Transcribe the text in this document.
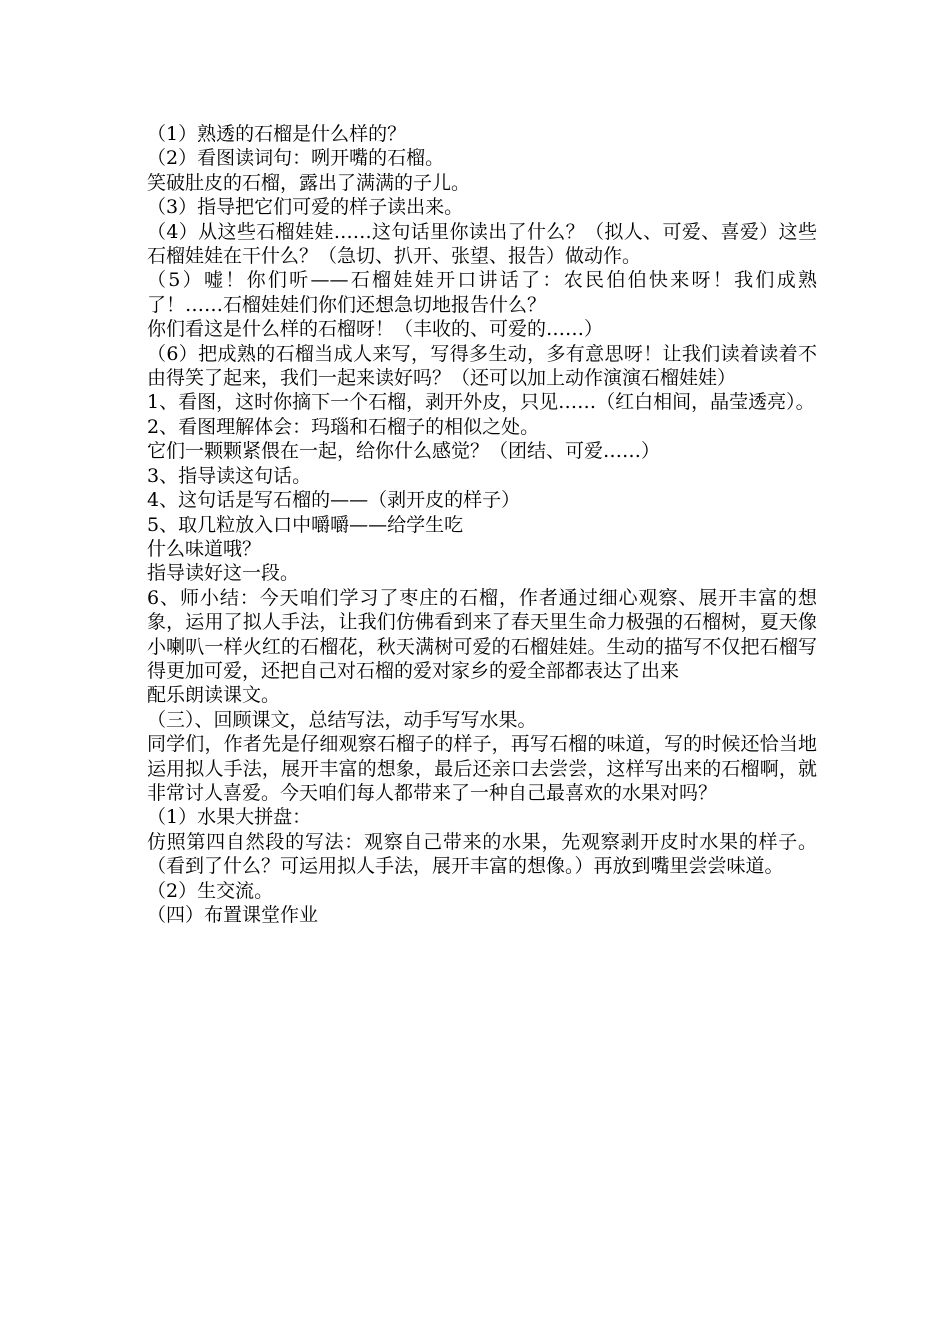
（1）熟透的石榴是什么样的？

（2）看图读词句：咧开嘴的石榴。

笑破肚皮的石榴，露出了满满的子儿。

（3）指导把它们可爱的样子读出来。

（4）从这些石榴娃娃……这句话里你读出了什么？（拟人、可爱、喜爱）这些石榴娃娃在干什么？（急切、扒开、张望、报告）做动作。

（5）嘘！你们听——石榴娃娃开口讲话了：农民伯伯快来呀！我们成熟了！……石榴娃娃们你们还想急切地报告什么？

你们看这是什么样的石榴呀！（丰收的、可爱的……）

（6）把成熟的石榴当成人来写，写得多生动，多有意思呀！让我们读着读着不由得笑了起来，我们一起来读好吗？（还可以加上动作演演石榴娃娃）

1、看图，这时你摘下一个石榴，剥开外皮，只见……（红白相间，晶莹透亮）。

2、看图理解体会：玛瑙和石榴子的相似之处。

它们一颗颗紧偎在一起，给你什么感觉？（团结、可爱……）

3、指导读这句话。

4、这句话是写石榴的——（剥开皮的样子）

5、取几粒放入口中嚼嚼——给学生吃

什么味道哦？

指导读好这一段。

6、师小结：今天咱们学习了枣庄的石榴，作者通过细心观察、展开丰富的想象，运用了拟人手法，让我们仿佛看到来了春天里生命力极强的石榴树，夏天像小喇叭一样火红的石榴花，秋天满树可爱的石榴娃娃。生动的描写不仅把石榴写得更加可爱，还把自己对石榴的爱对家乡的爱全部都表达了出来

配乐朗读课文。

（三）、回顾课文，总结写法，动手写写水果。

同学们，作者先是仔细观察石榴子的样子，再写石榴的味道，写的时候还恰当地运用拟人手法，展开丰富的想象，最后还亲口去尝尝，这样写出来的石榴啊，就非常讨人喜爱。今天咱们每人都带来了一种自己最喜欢的水果对吗？

（1）水果大拼盘：

仿照第四自然段的写法：观察自己带来的水果，先观察剥开皮时水果的样子。（看到了什么？可运用拟人手法，展开丰富的想像。）再放到嘴里尝尝味道。

（2）生交流。

（四）布置课堂作业
